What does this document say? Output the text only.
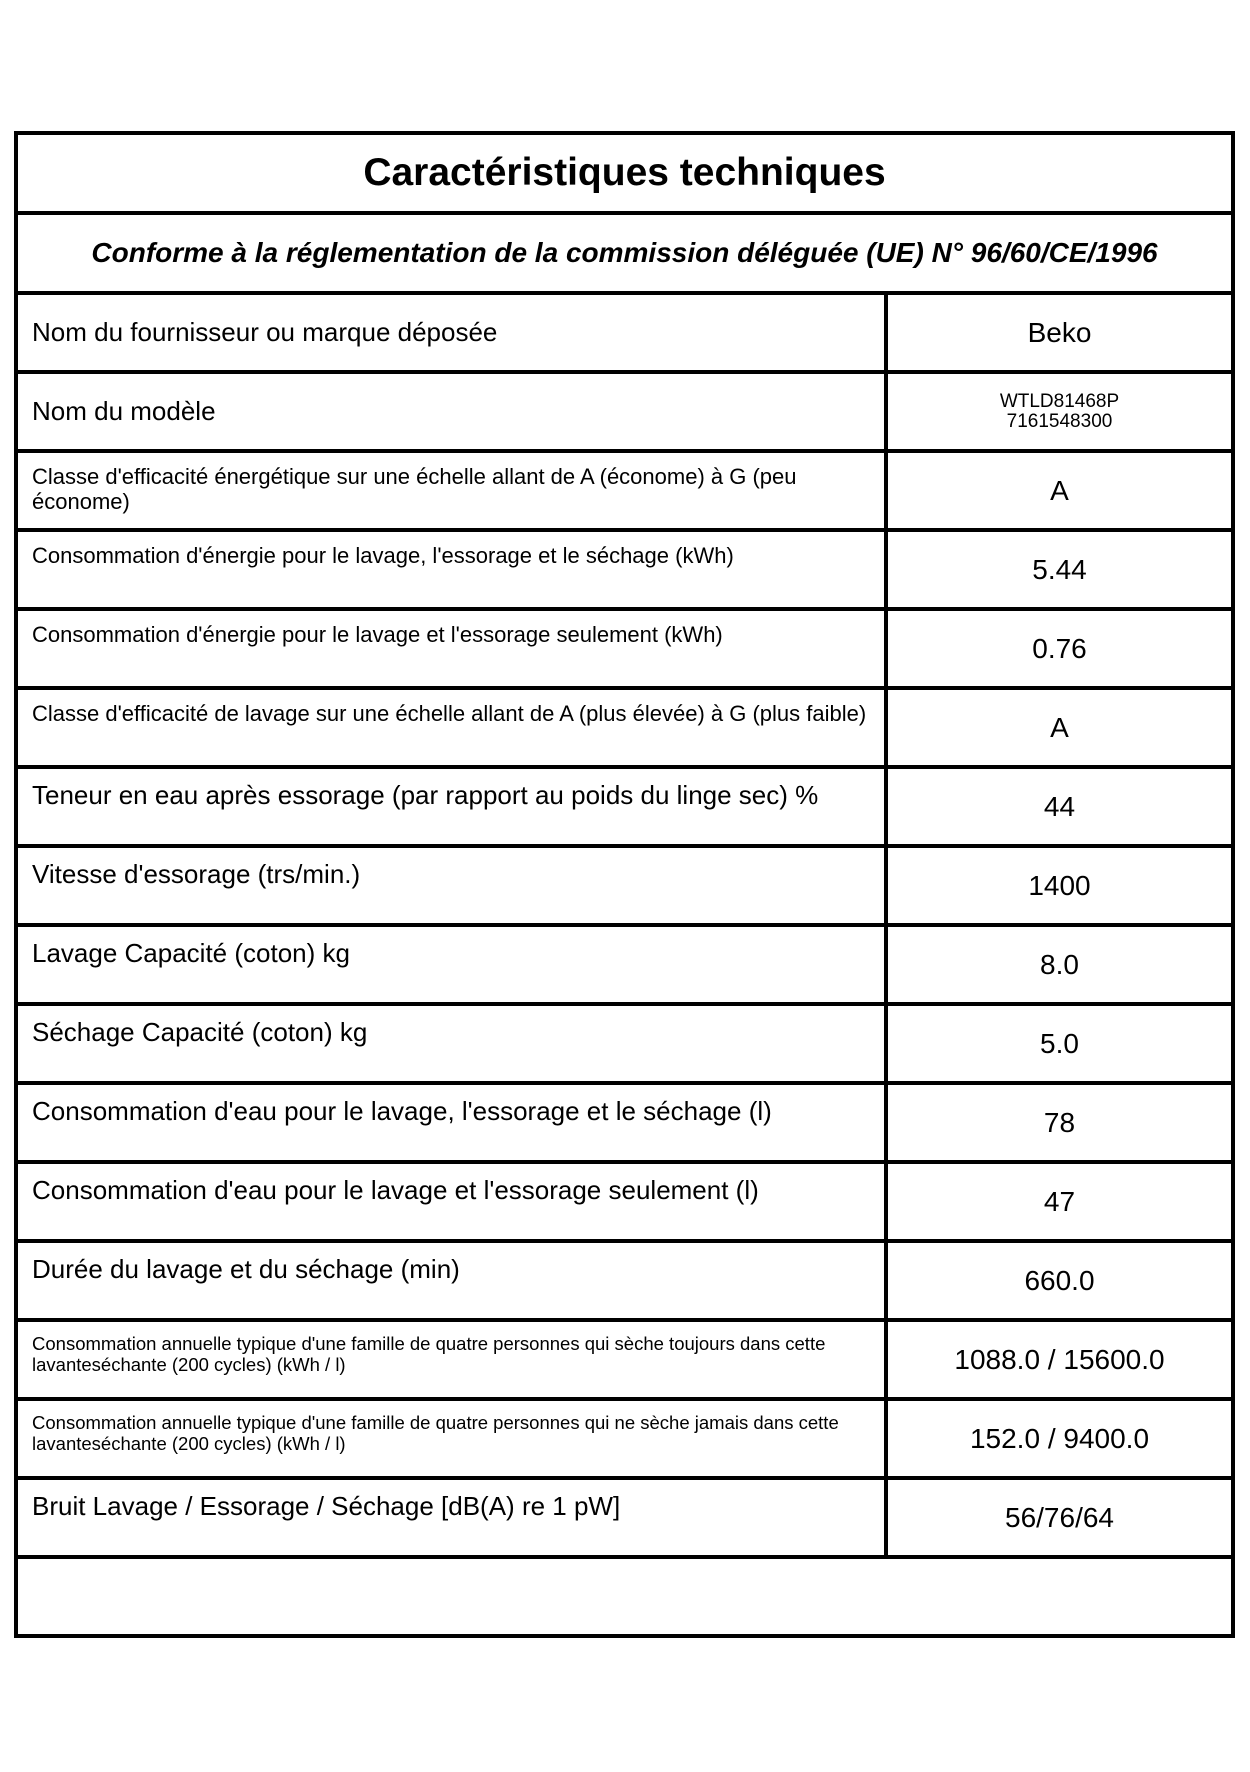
Caractéristiques techniques
Conforme à la réglementation de la commission déléguée (UE) N° 96/60/CE/1996
Nom du fournisseur ou marque déposée	Beko
Nom du modèle	WTLD81468P
7161548300
Classe d'efficacité énergétique sur une échelle allant de A (économe) à G (peu économe)	A
Consommation d'énergie pour le lavage, l'essorage et le séchage (kWh)	5.44
Consommation d'énergie pour le lavage et l'essorage seulement (kWh)	0.76
Classe d'efficacité de lavage sur une échelle allant de A (plus élevée) à G (plus faible)	A
Teneur en eau après essorage (par rapport au poids du linge sec) %	44
Vitesse d'essorage (trs/min.)	1400
Lavage Capacité (coton) kg	8.0
Séchage Capacité (coton) kg	5.0
Consommation d'eau pour le lavage, l'essorage et le séchage (l)	78
Consommation d'eau pour le lavage et l'essorage seulement (l)	47
Durée du lavage et du séchage (min)	660.0
Consommation annuelle typique d'une famille de quatre personnes qui sèche toujours dans cette lavanteséchante (200 cycles) (kWh / l)	1088.0 / 15600.0
Consommation annuelle typique d'une famille de quatre personnes qui ne sèche jamais dans cette lavanteséchante (200 cycles) (kWh / l)	152.0 / 9400.0
Bruit Lavage / Essorage / Séchage [dB(A) re 1 pW]	56/76/64
